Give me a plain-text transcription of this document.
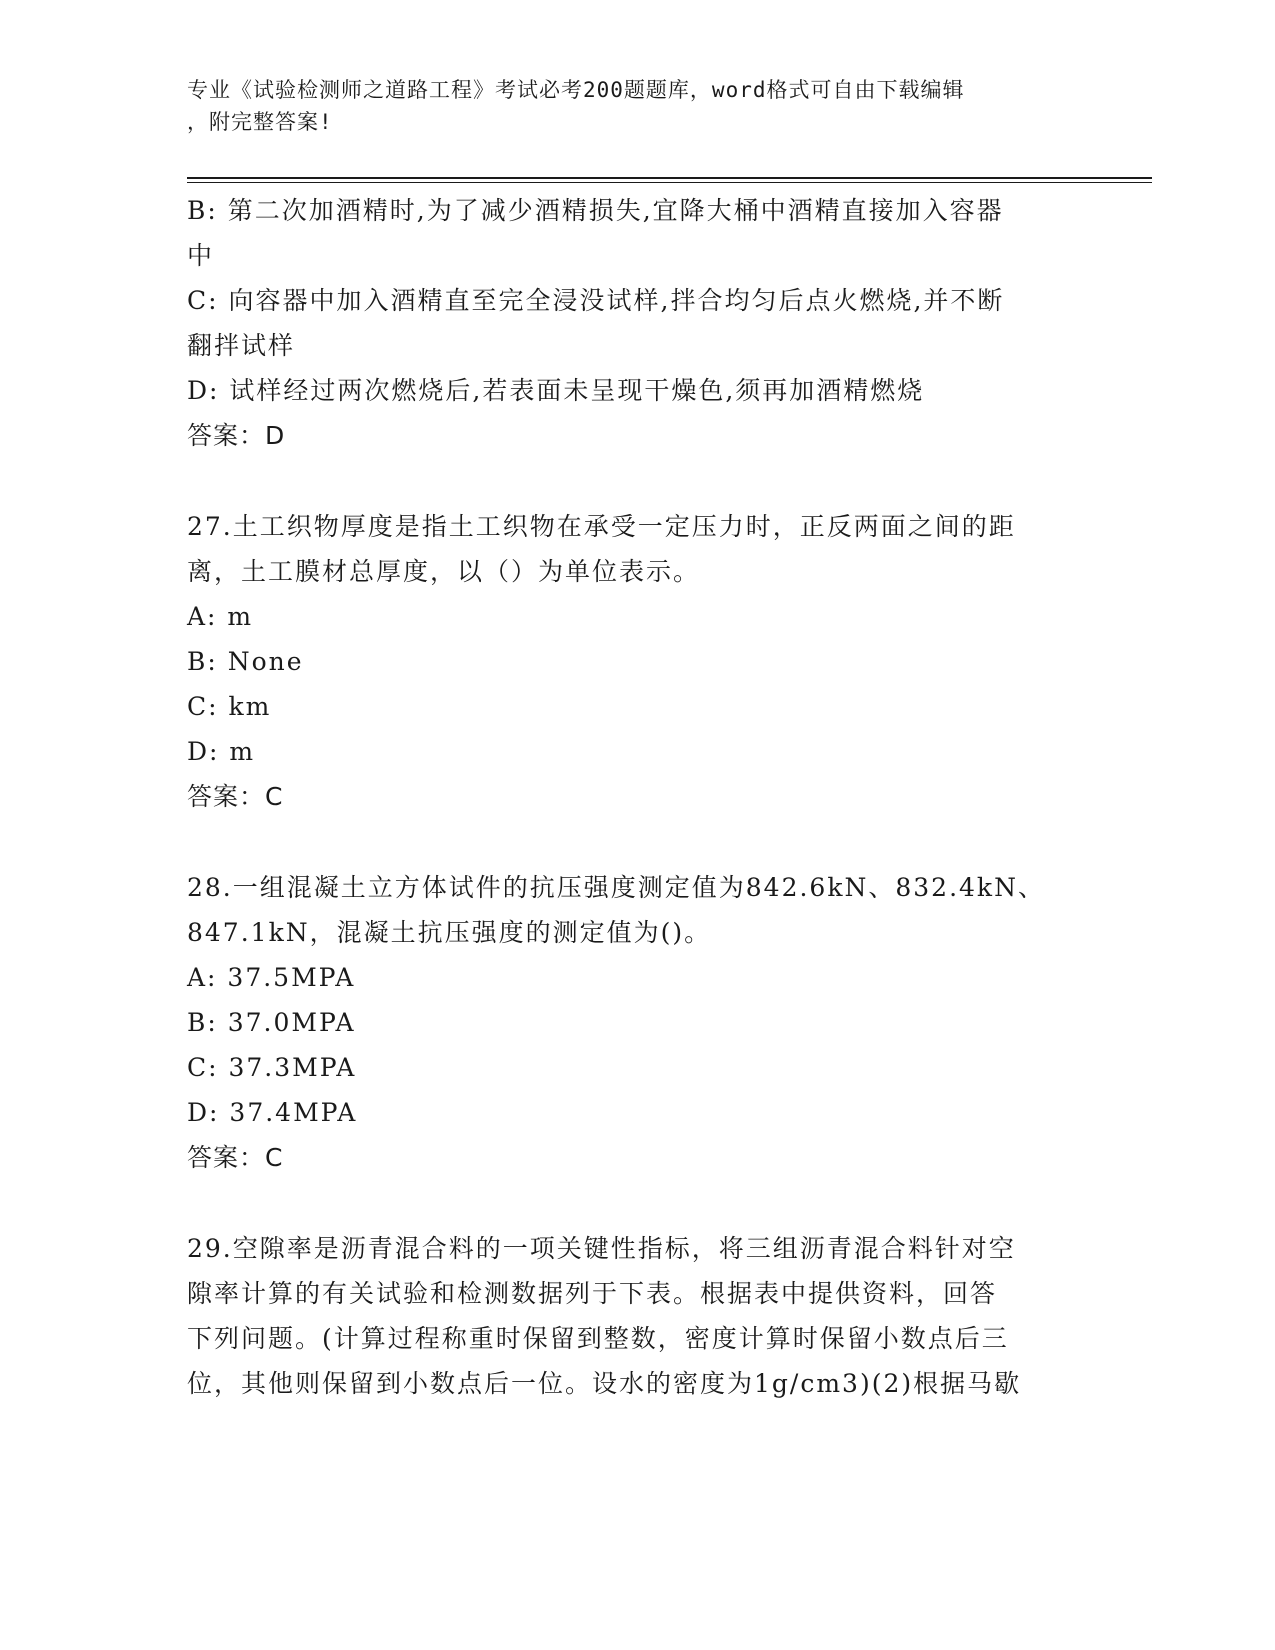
专业《试验检测师之道路工程》考试必考200题题库，word格式可自由下载编辑
，附完整答案!
B: 第二次加酒精时,为了减少酒精损失,宜降大桶中酒精直接加入容器
中
C: 向容器中加入酒精直至完全浸没试样,拌合均匀后点火燃烧,并不断
翻拌试样
D: 试样经过两次燃烧后,若表面未呈现干燥色,须再加酒精燃烧
答案：D
27.土工织物厚度是指土工织物在承受一定压力时，正反两面之间的距
离，土工膜材总厚度，以（）为单位表示。
A: m
B: None
C: km
D: m
答案：C
28.一组混凝土立方体试件的抗压强度测定值为842.6kN、832.4kN、
847.1kN，混凝土抗压强度的测定值为()。
A: 37.5MPA
B: 37.0MPA
C: 37.3MPA
D: 37.4MPA
答案：C
29.空隙率是沥青混合料的一项关键性指标，将三组沥青混合料针对空
隙率计算的有关试验和检测数据列于下表。根据表中提供资料，回答
下列问题。(计算过程称重时保留到整数，密度计算时保留小数点后三
位，其他则保留到小数点后一位。设水的密度为1g/cm3)(2)根据马歇
